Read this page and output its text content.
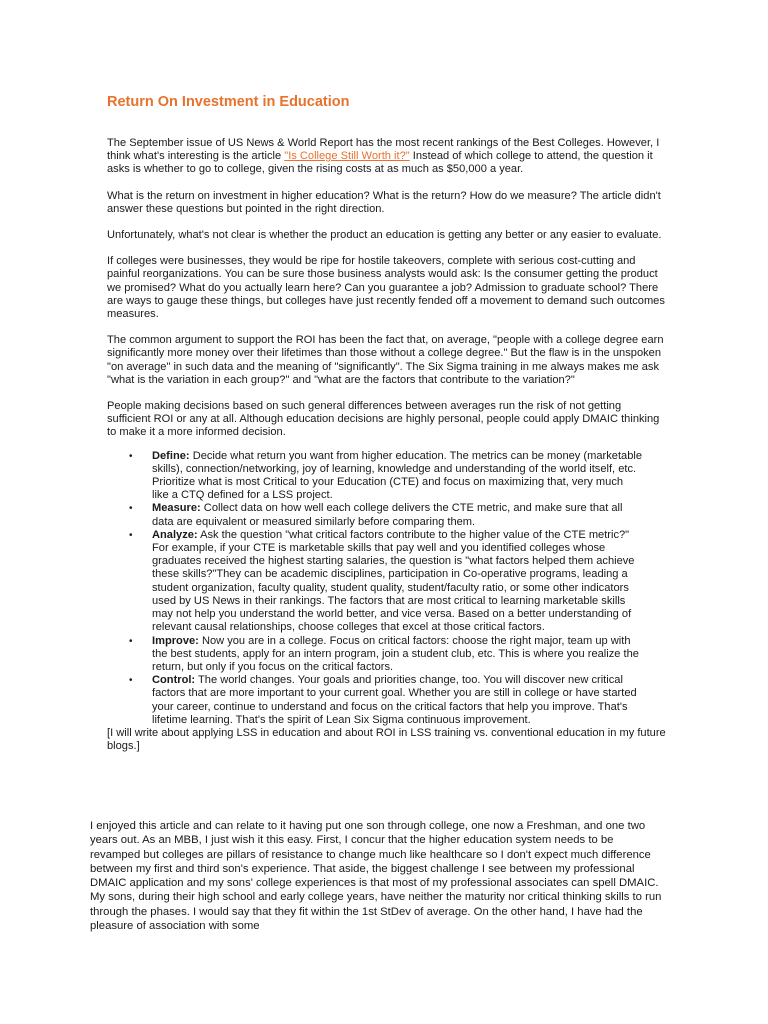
Return On Investment in Education

The September issue of US News & World Report has the most recent rankings of the Best Colleges. However, I think what's interesting is the article "Is College Still Worth it?" Instead of which college to attend, the question it asks is whether to go to college, given the rising costs at as much as $50,000 a year.

What is the return on investment in higher education? What is the return? How do we measure? The article didn't answer these questions but pointed in the right direction.

Unfortunately, what's not clear is whether the product an education is getting any better or any easier to evaluate.

If colleges were businesses, they would be ripe for hostile takeovers, complete with serious cost-cutting and painful reorganizations. You can be sure those business analysts would ask: Is the consumer getting the product we promised? What do you actually learn here? Can you guarantee a job? Admission to graduate school? There are ways to gauge these things, but colleges have just recently fended off a movement to demand such outcomes measures.

The common argument to support the ROI has been the fact that, on average, "people with a college degree earn significantly more money over their lifetimes than those without a college degree." But the flaw is in the unspoken "on average" in such data and the meaning of "significantly". The Six Sigma training in me always makes me ask "what is the variation in each group?" and "what are the factors that contribute to the variation?"

People making decisions based on such general differences between averages run the risk of not getting sufficient ROI or any at all. Although education decisions are highly personal, people could apply DMAIC thinking to make it a more informed decision.

• Define: Decide what return you want from higher education. The metrics can be money (marketable skills), connection/networking, joy of learning, knowledge and understanding of the world itself, etc. Prioritize what is most Critical to your Education (CTE) and focus on maximizing that, very much like a CTQ defined for a LSS project.
• Measure: Collect data on how well each college delivers the CTE metric, and make sure that all data are equivalent or measured similarly before comparing them.
• Analyze: Ask the question "what critical factors contribute to the higher value of the CTE metric?" For example, if your CTE is marketable skills that pay well and you identified colleges whose graduates received the highest starting salaries, the question is "what factors helped them achieve these skills?"They can be academic disciplines, participation in Co-operative programs, leading a student organization, faculty quality, student quality, student/faculty ratio, or some other indicators used by US News in their rankings. The factors that are most critical to learning marketable skills may not help you understand the world better, and vice versa. Based on a better understanding of relevant causal relationships, choose colleges that excel at those critical factors.
• Improve: Now you are in a college. Focus on critical factors: choose the right major, team up with the best students, apply for an intern program, join a student club, etc. This is where you realize the return, but only if you focus on the critical factors.
• Control: The world changes. Your goals and priorities change, too. You will discover new critical factors that are more important to your current goal. Whether you are still in college or have started your career, continue to understand and focus on the critical factors that help you improve. That's lifetime learning. That's the spirit of Lean Six Sigma continuous improvement.

[I will write about applying LSS in education and about ROI in LSS training vs. conventional education in my future blogs.]

I enjoyed this article and can relate to it having put one son through college, one now a Freshman, and one two years out. As an MBB, I just wish it this easy. First, I concur that the higher education system needs to be revamped but colleges are pillars of resistance to change much like healthcare so I don't expect much difference between my first and third son's experience. That aside, the biggest challenge I see between my professional DMAIC application and my sons' college experiences is that most of my professional associates can spell DMAIC. My sons, during their high school and early college years, have neither the maturity nor critical thinking skills to run through the phases. I would say that they fit within the 1st StDev of average. On the other hand, I have had the pleasure of association with some
